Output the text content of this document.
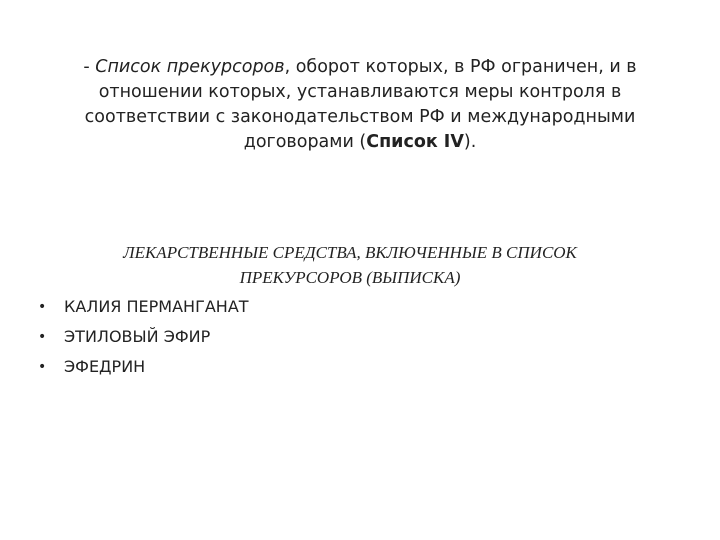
- Список прекурсоров, оборот которых, в РФ ограничен, и в
отношении которых, устанавливаются меры контроля в
соответствии с законодательством РФ и международными
договорами (Список IV).
ЛЕКАРСТВЕННЫЕ СРЕДСТВА, ВКЛЮЧЕННЫЕ В СПИСОК
ПРЕКУРСОРОВ (ВЫПИСКА)
•	КАЛИЯ ПЕРМАНГАНАТ
•	ЭТИЛОВЫЙ ЭФИР
•	ЭФЕДРИН
